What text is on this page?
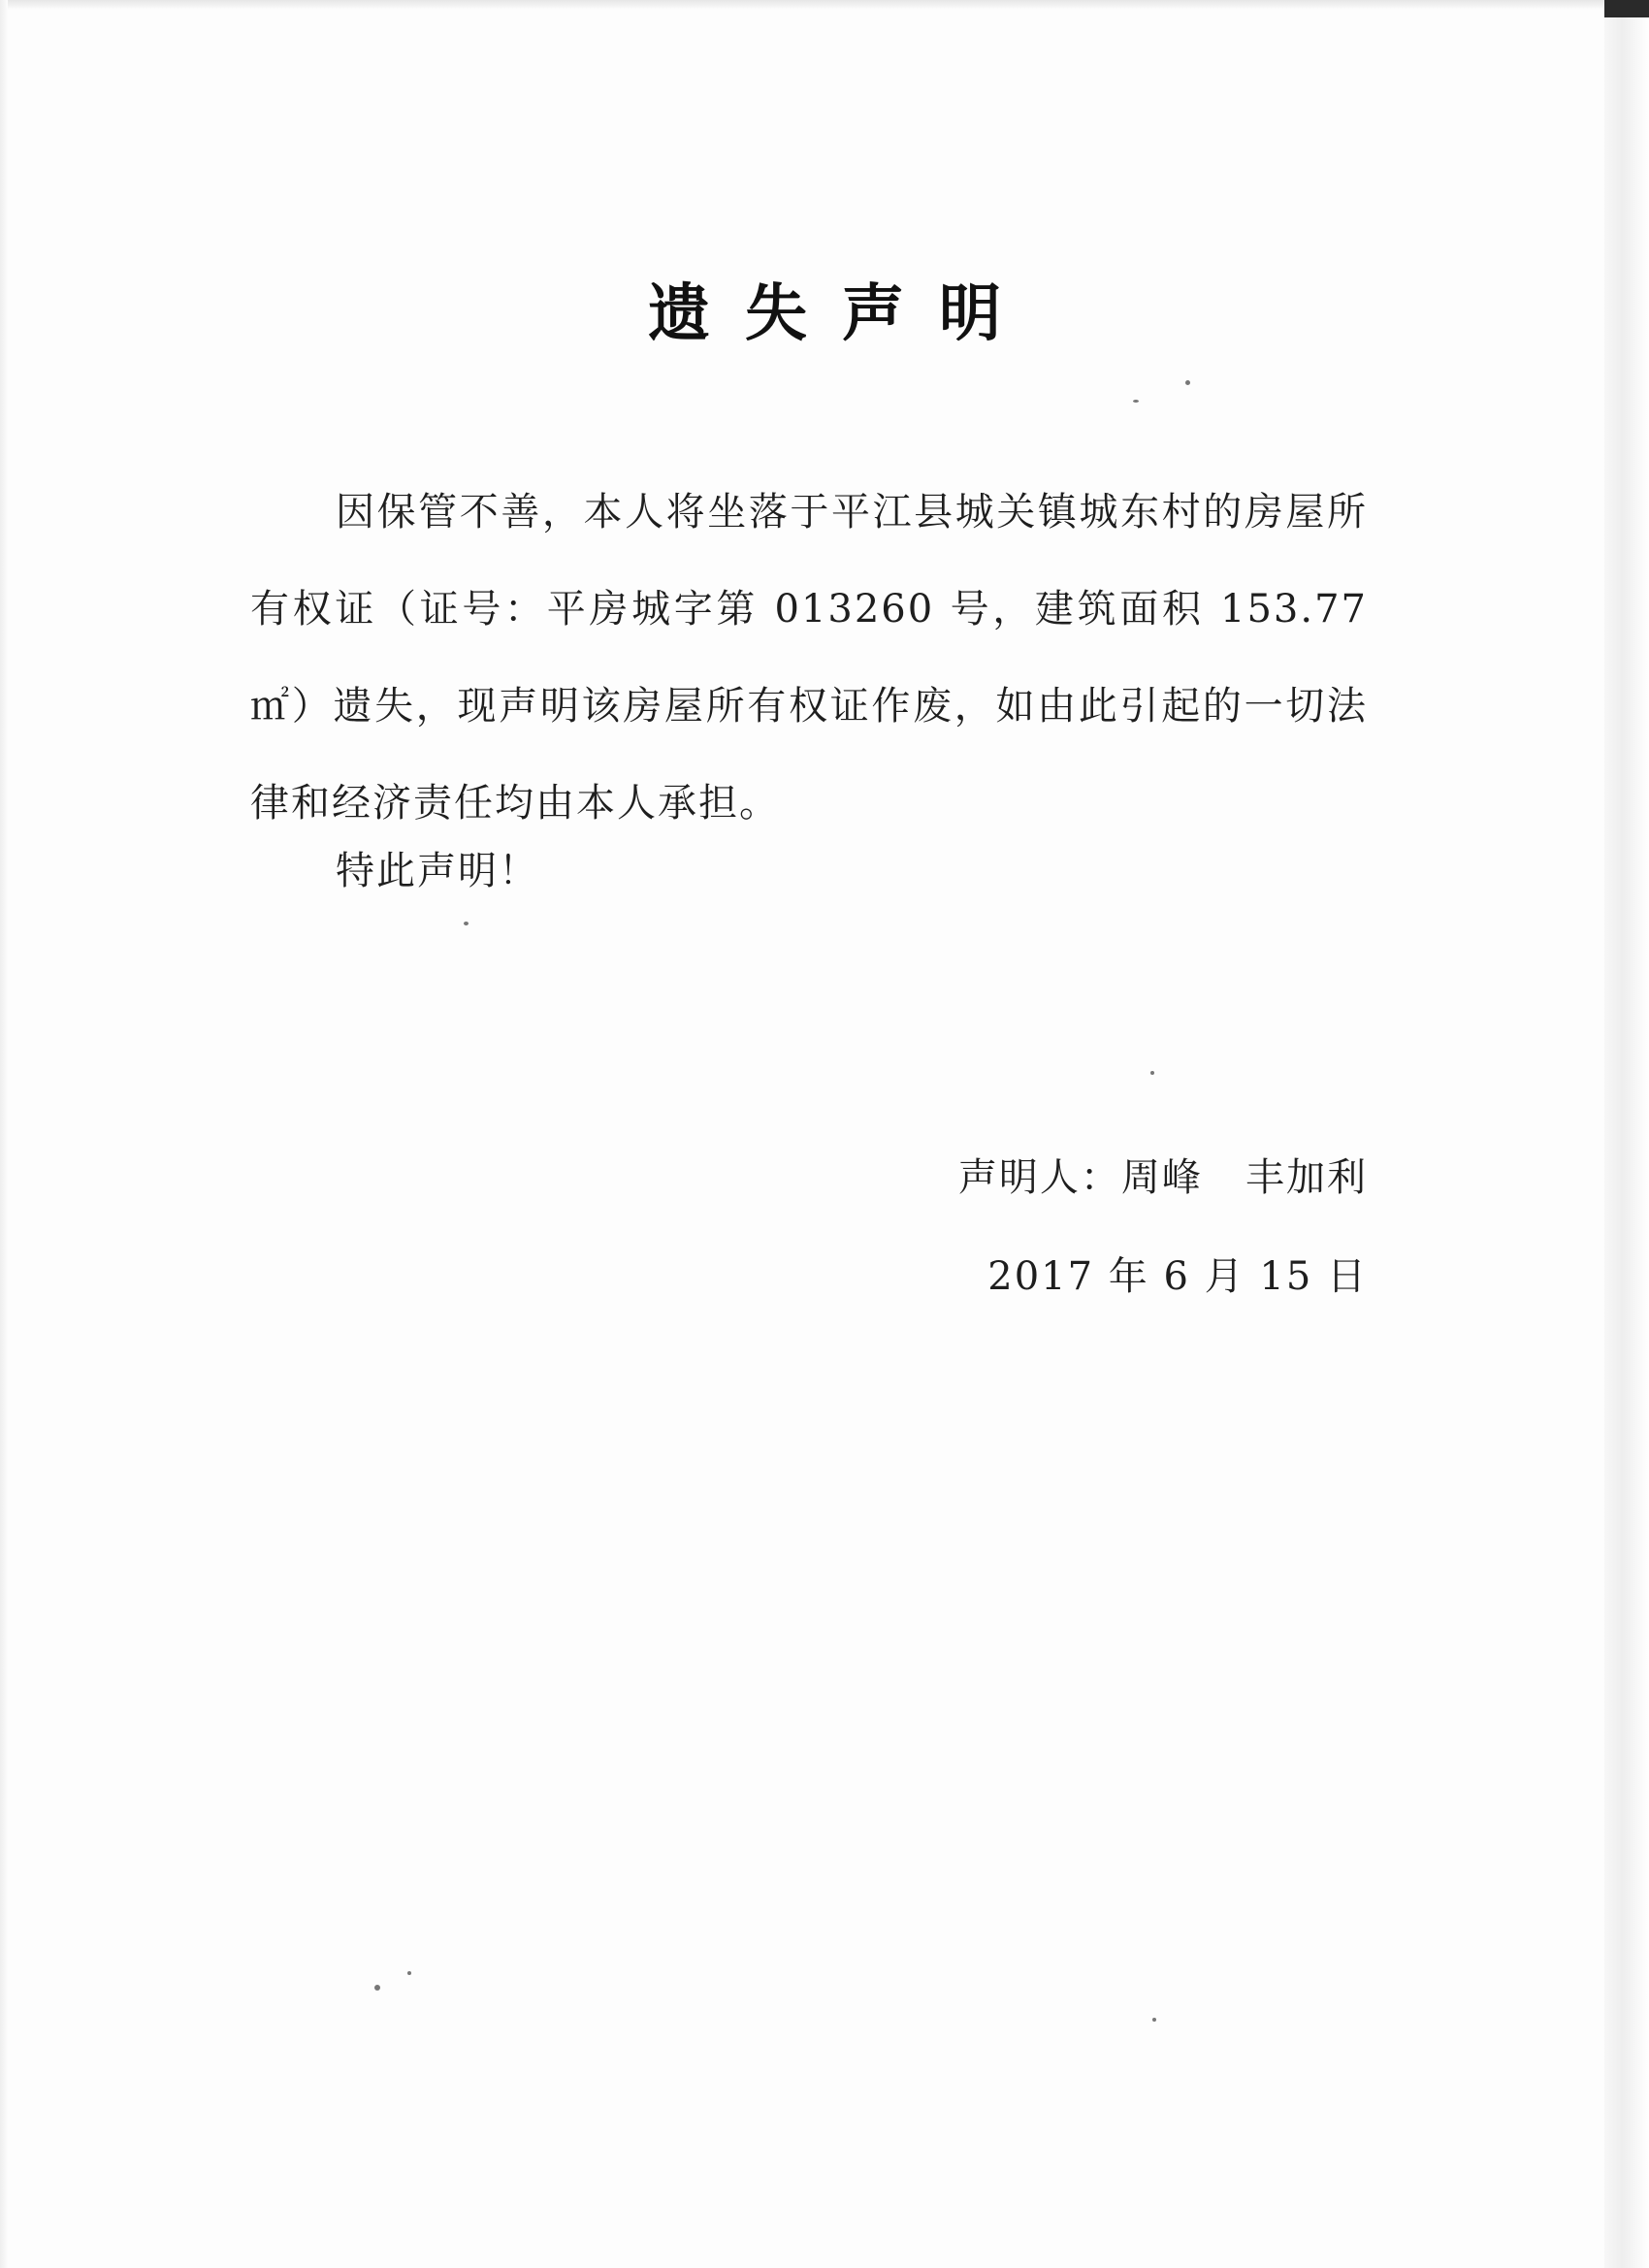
遗失声明
因保管不善，本人将坐落于平江县城关镇城东村的房屋所有权证（证号：平房城字第 013260 号，建筑面积 153.77 ㎡）遗失，现声明该房屋所有权证作废，如由此引起的一切法律和经济责任均由本人承担。
特此声明！
声明人：周峰   丰加利
2017 年 6 月 15 日
